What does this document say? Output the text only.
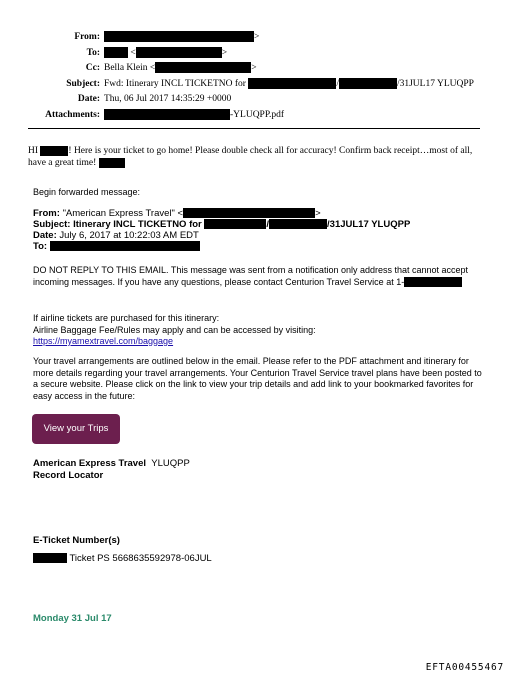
From:	>
To:	<	>
Cc: Bella Klein <	>
Subject: Fwd: Itinerary INCL TICKETNO for	/	/31JUL17 YLUQPP
Date: Thu, 06 Jul 2017 14:35:29 +0000
Attachments:	-YLUQPP.pdf
HI	! Here is your ticket to go home! Please double check all for accuracy! Confirm back receipt…most of all, have a great time!
Begin forwarded message:
From: "American Express Travel" <	>
Subject: Itinerary INCL TICKETNO for	/	/31JUL17 YLUQPP
Date: July 6, 2017 at 10:22:03 AM EDT
To:
DO NOT REPLY TO THIS EMAIL. This message was sent from a notification only address that cannot accept incoming messages. If you have any questions, please contact Centurion Travel Service at 1-
If airline tickets are purchased for this itinerary:
Airline Baggage Fee/Rules may apply and can be accessed by visiting:
https://myamextravel.com/baggage
Your travel arrangements are outlined below in the email. Please refer to the PDF attachment and itinerary for more details regarding your travel arrangements. Your Centurion Travel Service travel plans have been posted to a secure website. Please click on the link to view your trip details and add link to your bookmarked favorites for easy access in the future:
View your Trips
American Express Travel YLUQPP
Record Locator
E-Ticket Number(s)
Ticket PS 5668635592978-06JUL
Monday 31 Jul 17
EFTA00455467
